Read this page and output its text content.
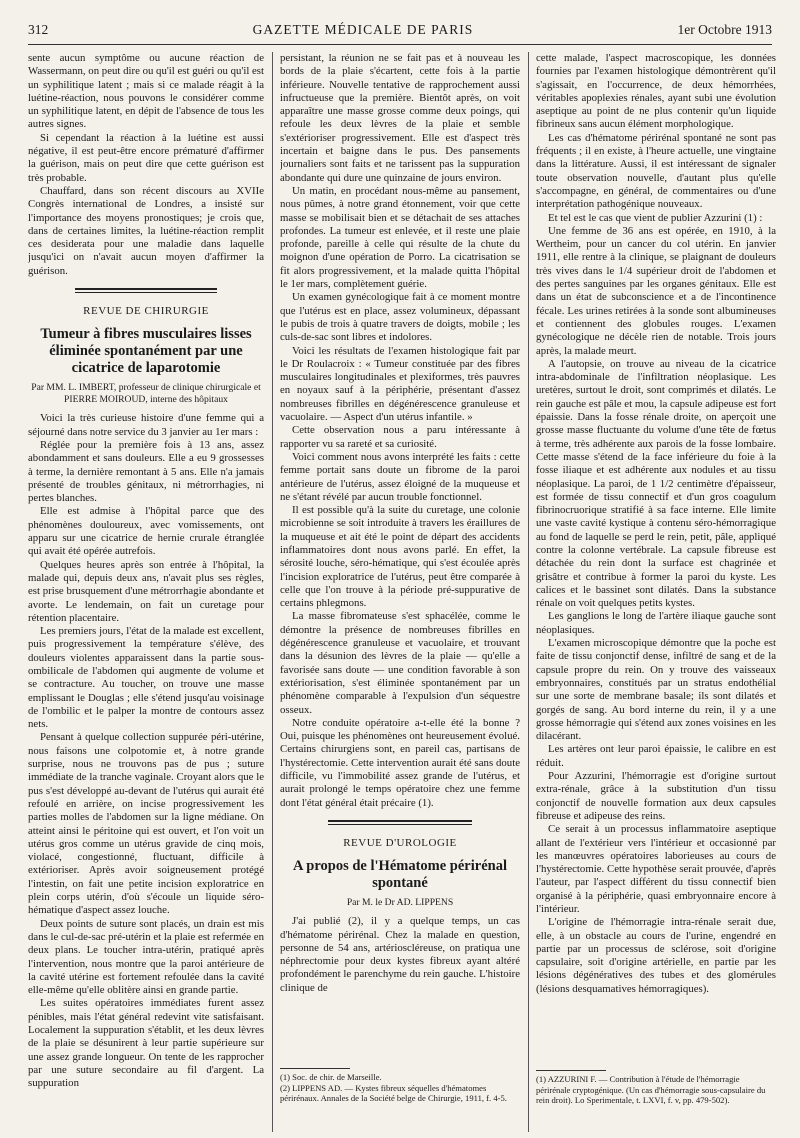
312	GAZETTE MÉDICALE DE PARIS	1er Octobre 1913

sente aucun symptôme ou aucune réaction de Wassermann, on peut dire ou qu'il est guéri ou qu'il est un syphilitique latent ; mais si ce malade réagit à la luétine-réaction, nous pouvons le considérer comme un syphilitique latent, en dépit de l'absence de tous les autres signes.

Si cependant la réaction à la luétine est aussi négative, il est peut-être encore prématuré d'affirmer la guérison, mais on peut dire que cette guérison est très probable.

Chauffard, dans son récent discours au XVIIe Congrès international de Londres, a insisté sur l'importance des moyens pronostiques; je crois que, dans de certaines limites, la luétine-réaction remplit ces desiderata pour une maladie dans laquelle jusqu'ici on n'avait aucun moyen d'affirmer la guérison.

REVUE DE CHIRURGIE
Tumeur à fibres musculaires lisses éliminée spontanément par une cicatrice de laparotomie
Par MM. L. IMBERT, professeur de clinique chirurgicale et PIERRE MOIROUD, interne des hôpitaux

Voici la très curieuse histoire d'une femme qui a séjourné dans notre service du 3 janvier au 1er mars :

Réglée pour la première fois à 13 ans, assez abondamment et sans douleurs. Elle a eu 9 grossesses à terme, la dernière remontant à 5 ans. Elle n'a jamais présenté de troubles génitaux, ni métrorrhagies, ni pertes blanches.

Elle est admise à l'hôpital parce que des phénomènes douloureux, avec vomissements, ont apparu sur une cicatrice de hernie crurale étranglée qui avait été opérée autrefois.

Quelques heures après son entrée à l'hôpital, la malade qui, depuis deux ans, n'avait plus ses règles, est prise brusquement d'une métrorrhagie abondante et avorte. Le lendemain, on fait un curetage pour rétention placentaire.

Les premiers jours, l'état de la malade est excellent, puis progressivement la température s'élève, des douleurs violentes apparaissent dans la partie sous-ombilicale de l'abdomen qui augmente de volume et se contracture. Au toucher, on trouve une masse emplissant le Douglas ; elle s'étend jusqu'au voisinage de l'ombilic et le palper la montre de contours assez nets.

Pensant à quelque collection suppurée péri-utérine, nous faisons une colpotomie et, à notre grande surprise, nous ne trouvons pas de pus ; suture immédiate de la tranche vaginale. Croyant alors que le pus s'est développé au-devant de l'utérus qui aurait été refoulé en arrière, on incise progressivement les parties molles de l'abdomen sur la ligne médiane. On atteint ainsi le péritoine qui est ouvert, et l'on voit un utérus gros comme un utérus gravide de cinq mois, violacé, congestionné, fluctuant, difficile à extérioriser. Après avoir soigneusement protégé l'intestin, on fait une petite incision exploratrice en plein corps utérin, d'où s'écoule un liquide séro-hématique d'aspect assez louche.

Deux points de suture sont placés, un drain est mis dans le cul-de-sac pré-utérin et la plaie est refermée en deux plans. Le toucher intra-utérin, pratiqué après l'intervention, nous montre que la paroi antérieure de la cavité utérine est fortement refoulée dans la cavité elle-même qu'elle oblitère ainsi en grande partie.

Les suites opératoires immédiates furent assez pénibles, mais l'état général redevint vite satisfaisant. Localement la suppuration s'établit, et les deux lèvres de la plaie se désunirent à leur partie supérieure sur une assez grande longueur. On tente de les rapprocher par une suture secondaire au fil d'argent. La suppuration

persistant, la réunion ne se fait pas et à nouveau les bords de la plaie s'écartent, cette fois à la partie inférieure. Nouvelle tentative de rapprochement aussi infructueuse que la première. Bientôt après, on voit apparaître une masse grosse comme deux poings, qui refoule les deux lèvres de la plaie et semble s'extérioriser progressivement. Elle est d'aspect très incertain et baigne dans le pus. Des pansements journaliers sont faits et ne tarissent pas la suppuration abondante qui dure une quinzaine de jours environ.

Un matin, en procédant nous-même au pansement, nous pûmes, à notre grand étonnement, voir que cette masse se mobilisait bien et se détachait de ses attaches profondes. La tumeur est enlevée, et il reste une plaie profonde, pareille à celle qui résulte de la chute du moignon d'une opération de Porro. La cicatrisation se fit alors progressivement, et la malade quitta l'hôpital le 1er mars, complètement guérie.

Un examen gynécologique fait à ce moment montre que l'utérus est en place, assez volumineux, dépassant le pubis de trois à quatre travers de doigts, mobile ; les culs-de-sac sont libres et indolores.

Voici les résultats de l'examen histologique fait par le Dr Roulacroix : « Tumeur constituée par des fibres musculaires longitudinales et plexiformes, très pauvres en noyaux sauf à la périphérie, présentant d'assez nombreuses fibrilles en dégénérescence granuleuse et vacuolaire. — Aspect d'un utérus infantile. »

Cette observation nous a paru intéressante à rapporter vu sa rareté et sa curiosité.

Voici comment nous avons interprété les faits : cette femme portait sans doute un fibrome de la paroi antérieure de l'utérus, assez éloigné de la muqueuse et ne s'étant révélé par aucun trouble fonctionnel.

Il est possible qu'à la suite du curetage, une colonie microbienne se soit introduite à travers les éraillures de la muqueuse et ait été le point de départ des accidents inflammatoires dont nous avons parlé. En effet, la sérosité louche, séro-hématique, qui s'est écoulée après l'incision exploratrice de l'utérus, peut être comparée à celle que l'on trouve à la période pré-suppurative de certains phlegmons.

La masse fibromateuse s'est sphacélée, comme le démontre la présence de nombreuses fibrilles en dégénérescence granuleuse et vacuolaire, et trouvant dans la désunion des lèvres de la plaie — qu'elle a favorisée sans doute — une condition favorable à son extériorisation, s'est éliminée spontanément par un phénomène comparable à l'expulsion d'un séquestre osseux.

Notre conduite opératoire a-t-elle été la bonne ? Oui, puisque les phénomènes ont heureusement évolué. Certains chirurgiens sont, en pareil cas, partisans de l'hystérectomie. Cette intervention aurait été sans doute difficile, vu l'immobilité assez grande de l'utérus, et aurait prolongé le temps opératoire chez une femme dont l'état général était précaire (1).

REVUE D'UROLOGIE
A propos de l'Hématome périrénal spontané
Par M. le Dr AD. LIPPENS

J'ai publié (2), il y a quelque temps, un cas d'hématome périrénal. Chez la malade en question, personne de 54 ans, artérioscléreuse, on pratiqua une néphrectomie pour deux kystes fibreux ayant altéré profondément le parenchyme du rein gauche. L'histoire clinique de

(1) Soc. de chir. de Marseille.
(2) LIPPENS AD. — Kystes fibreux séquelles d'hématomes périrénaux. Annales de la Société belge de Chirurgie, 1911, f. 4-5.

cette malade, l'aspect macroscopique, les données fournies par l'examen histologique démontrèrent qu'il s'agissait, en l'occurrence, de deux hémorrhées, véritables apoplexies rénales, ayant subi une évolution aseptique au point de ne plus contenir qu'un liquide fibrineux sans aucun élément morphologique.

Les cas d'hématome périrénal spontané ne sont pas fréquents ; il en existe, à l'heure actuelle, une vingtaine dans la littérature. Aussi, il est intéressant de signaler toute observation nouvelle, d'autant plus qu'elle s'accompagne, en général, de commentaires ou d'une interprétation pathogénique nouveaux.

Et tel est le cas que vient de publier Azzurini (1) :

Une femme de 36 ans est opérée, en 1910, à la Wertheim, pour un cancer du col utérin. En janvier 1911, elle rentre à la clinique, se plaignant de douleurs très vives dans le 1/4 supérieur droit de l'abdomen et des pertes sanguines par les organes génitaux. Elle est dans un état de subconscience et a de l'incontinence fécale. Les urines retirées à la sonde sont albumineuses et contiennent des globules rouges. L'examen gynécologique ne décèle rien de notable. Trois jours après, la malade meurt.

A l'autopsie, on trouve au niveau de la cicatrice intra-abdominale de l'infiltration néoplasique. Les uretères, surtout le droit, sont comprimés et dilatés. Le rein gauche est pâle et mou, la capsule adipeuse est fort épaissie. Dans la fosse rénale droite, on aperçoit une grosse masse fluctuante du volume d'une tête de fœtus à terme, très adhérente aux parois de la fosse lombaire. Cette masse s'étend de la face inférieure du foie à la fosse iliaque et est adhérente aux nodules et au tissu néoplasique. La paroi, de 1 1/2 centimètre d'épaisseur, est formée de tissu connectif et d'un gros coagulum fibrinocruorique stratifié à sa face interne. Elle limite une vaste cavité kystique à contenu séro-hémorragique au fond de laquelle se perd le rein, petit, pâle, appliqué contre la colonne vertébrale. La capsule fibreuse est détachée du rein dont la surface est chagrinée et grisâtre et contribue à former la paroi du kyste. Les calices et le bassinet sont dilatés. Dans la substance rénale on voit quelques petits kystes.

Les ganglions le long de l'artère iliaque gauche sont néoplasiques.

L'examen microscopique démontre que la poche est faite de tissu conjonctif dense, infiltré de sang et de la capsule propre du rein. On y trouve des vaisseaux embryonnaires, constitués par un stratus endothélial sur une sorte de membrane basale; ils sont dilatés et gorgés de sang. Au bord interne du rein, il y a une grosse hémorragie qui s'étend aux zones voisines en les dilacérant.

Les artères ont leur paroi épaissie, le calibre en est réduit.

Pour Azzurini, l'hémorragie est d'origine surtout extra-rénale, grâce à la substitution d'un tissu conjonctif de nouvelle formation aux deux capsules fibreuse et adipeuse des reins.

Ce serait à un processus inflammatoire aseptique allant de l'extérieur vers l'intérieur et occasionné par les manœuvres opératoires laborieuses au cours de l'hystérectomie. Cette hypothèse serait prouvée, d'après l'auteur, par l'aspect différent du tissu connectif bien organisé à la périphérie, quasi embryonnaire encore à l'intérieur.

L'origine de l'hémorragie intra-rénale serait due, elle, à un obstacle au cours de l'urine, engendré en partie par un processus de sclérose, soit d'origine capsulaire, soit d'origine artérielle, en partie par les lésions dégénératives des tubes et des glomérules (lésions desquamatives hémorragiques).

(1) AZZURINI F. — Contribution à l'étude de l'hémorragie périrénale cryptogénique. (Un cas d'hémorragie sous-capsulaire du rein droit). Lo Sperimentale, t. LXVI, f. v, pp. 479-502).
